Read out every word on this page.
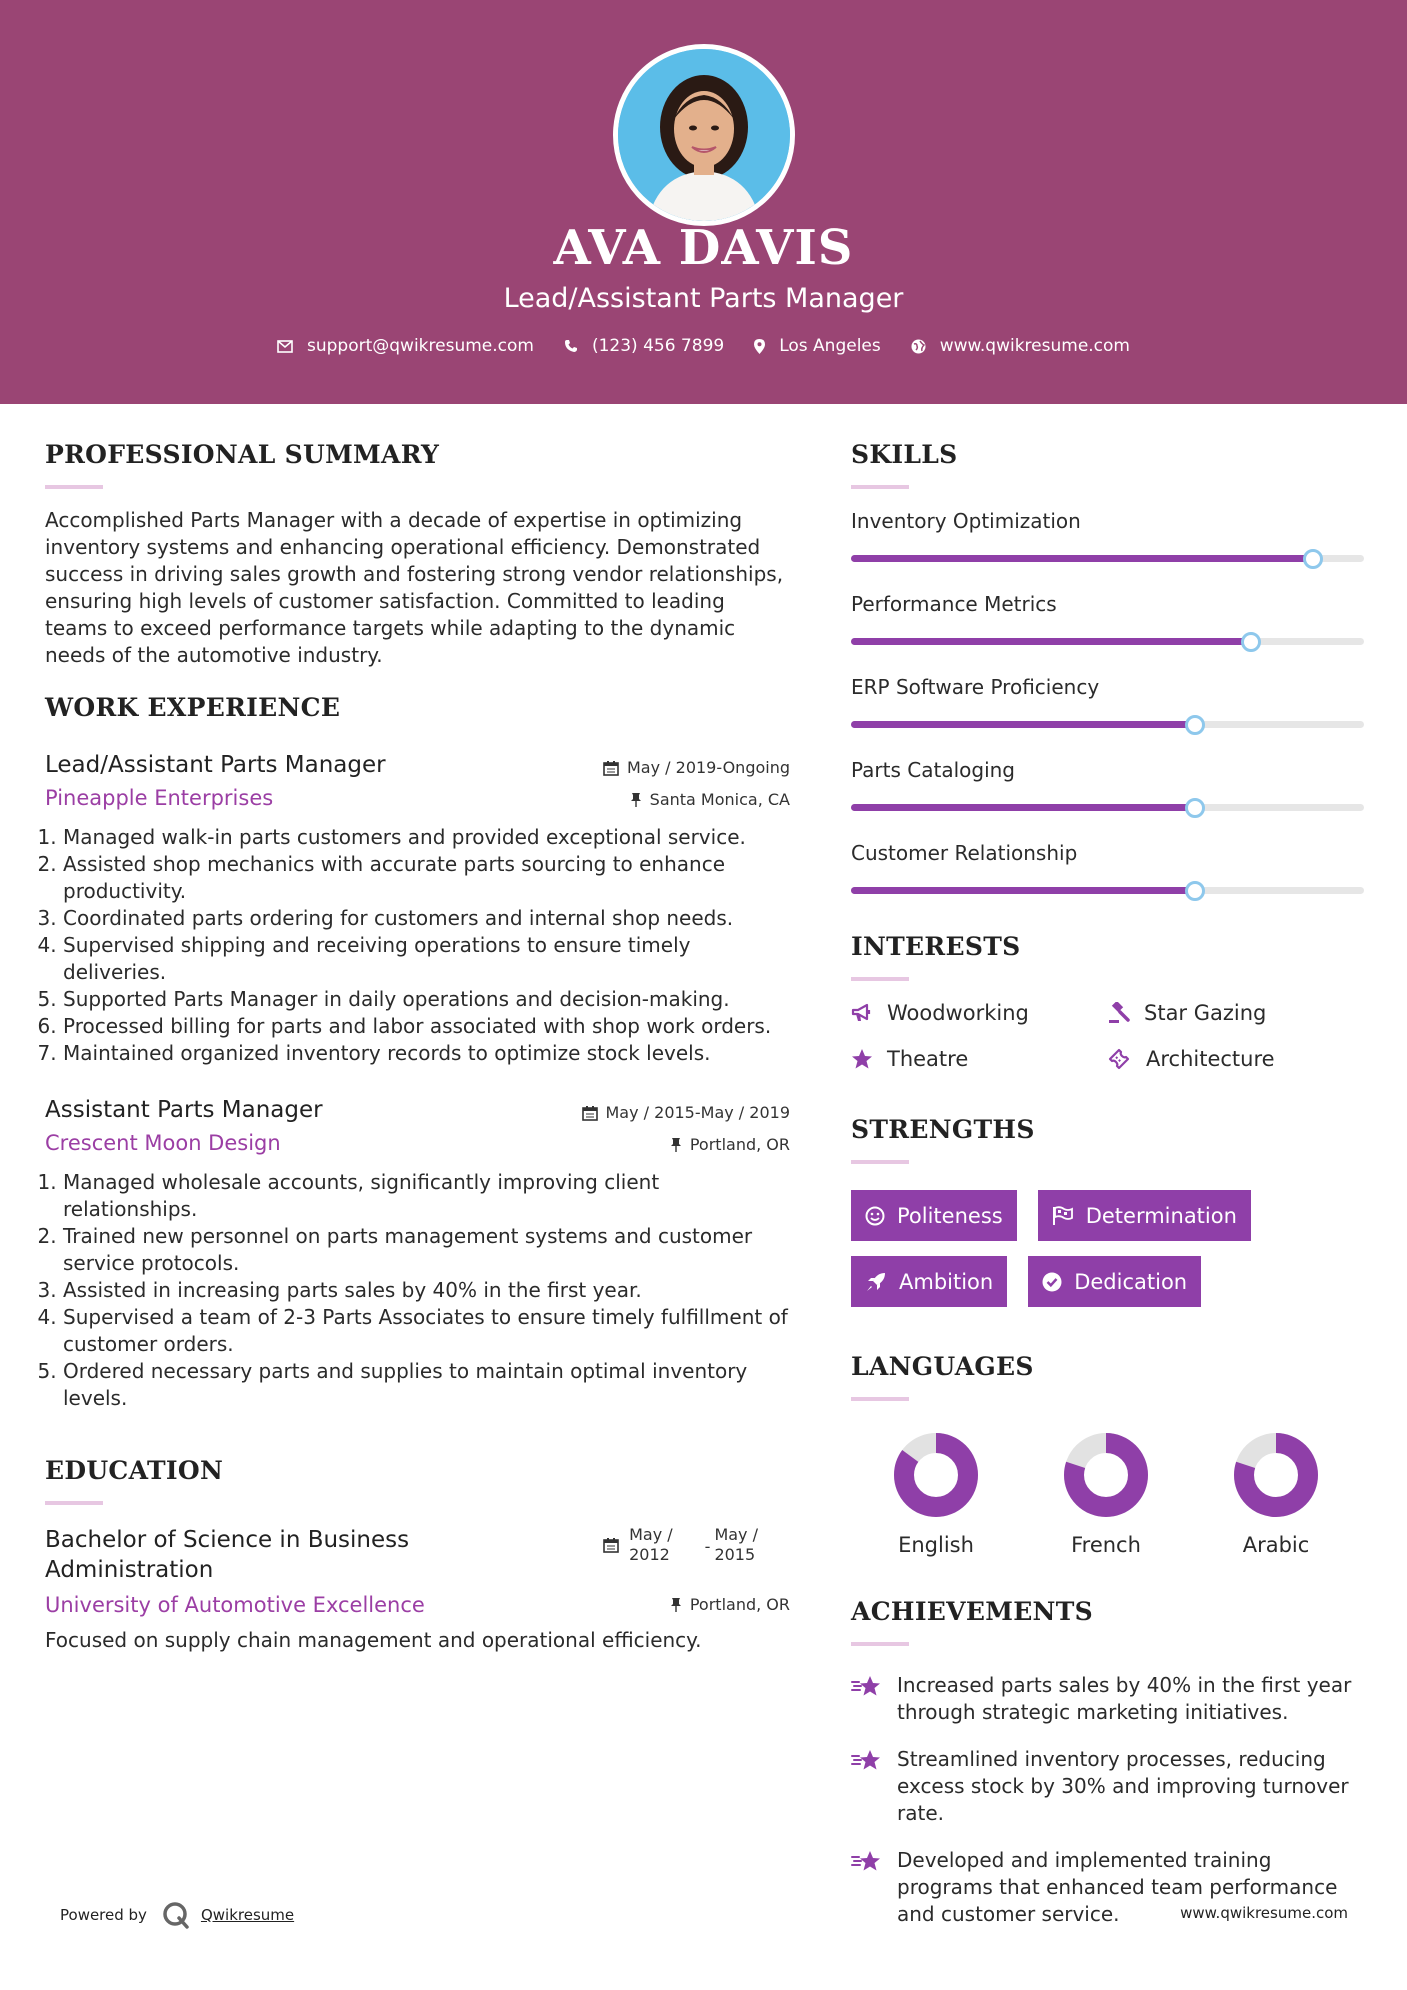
AVA DAVIS
Lead/Assistant Parts Manager
support@qwikresume.com	(123) 456 7899	Los Angeles	www.qwikresume.com
PROFESSIONAL SUMMARY
Accomplished Parts Manager with a decade of expertise in optimizing inventory systems and enhancing operational efficiency. Demonstrated success in driving sales growth and fostering strong vendor relationships, ensuring high levels of customer satisfaction. Committed to leading teams to exceed performance targets while adapting to the dynamic needs of the automotive industry.
WORK EXPERIENCE
Lead/Assistant Parts Manager
Pineapple Enterprises
May / 2019-Ongoing
Santa Monica, CA
1. Managed walk-in parts customers and provided exceptional service.
2. Assisted shop mechanics with accurate parts sourcing to enhance productivity.
3. Coordinated parts ordering for customers and internal shop needs.
4. Supervised shipping and receiving operations to ensure timely deliveries.
5. Supported Parts Manager in daily operations and decision-making.
6. Processed billing for parts and labor associated with shop work orders.
7. Maintained organized inventory records to optimize stock levels.
Assistant Parts Manager
Crescent Moon Design
May / 2015-May / 2019
Portland, OR
1. Managed wholesale accounts, significantly improving client relationships.
2. Trained new personnel on parts management systems and customer service protocols.
3. Assisted in increasing parts sales by 40% in the first year.
4. Supervised a team of 2-3 Parts Associates to ensure timely fulfillment of customer orders.
5. Ordered necessary parts and supplies to maintain optimal inventory levels.
EDUCATION
Bachelor of Science in Business
Administration
University of Automotive Excellence
May /
2012 -
May /
2015
Portland, OR
Focused on supply chain management and operational efficiency.
SKILLS
Inventory Optimization
Performance Metrics
ERP Software Proficiency
Parts Cataloging
Customer Relationship
INTERESTS
Woodworking	Star Gazing
Theatre	Architecture
STRENGTHS
Politeness	Determination
Ambition	Dedication
LANGUAGES
English	French	Arabic
ACHIEVEMENTS
Increased parts sales by 40% in the first year through strategic marketing initiatives.
Streamlined inventory processes, reducing excess stock by 30% and improving turnover rate.
Developed and implemented training programs that enhanced team performance and customer service.
Powered by	Qwikresume	www.qwikresume.com
